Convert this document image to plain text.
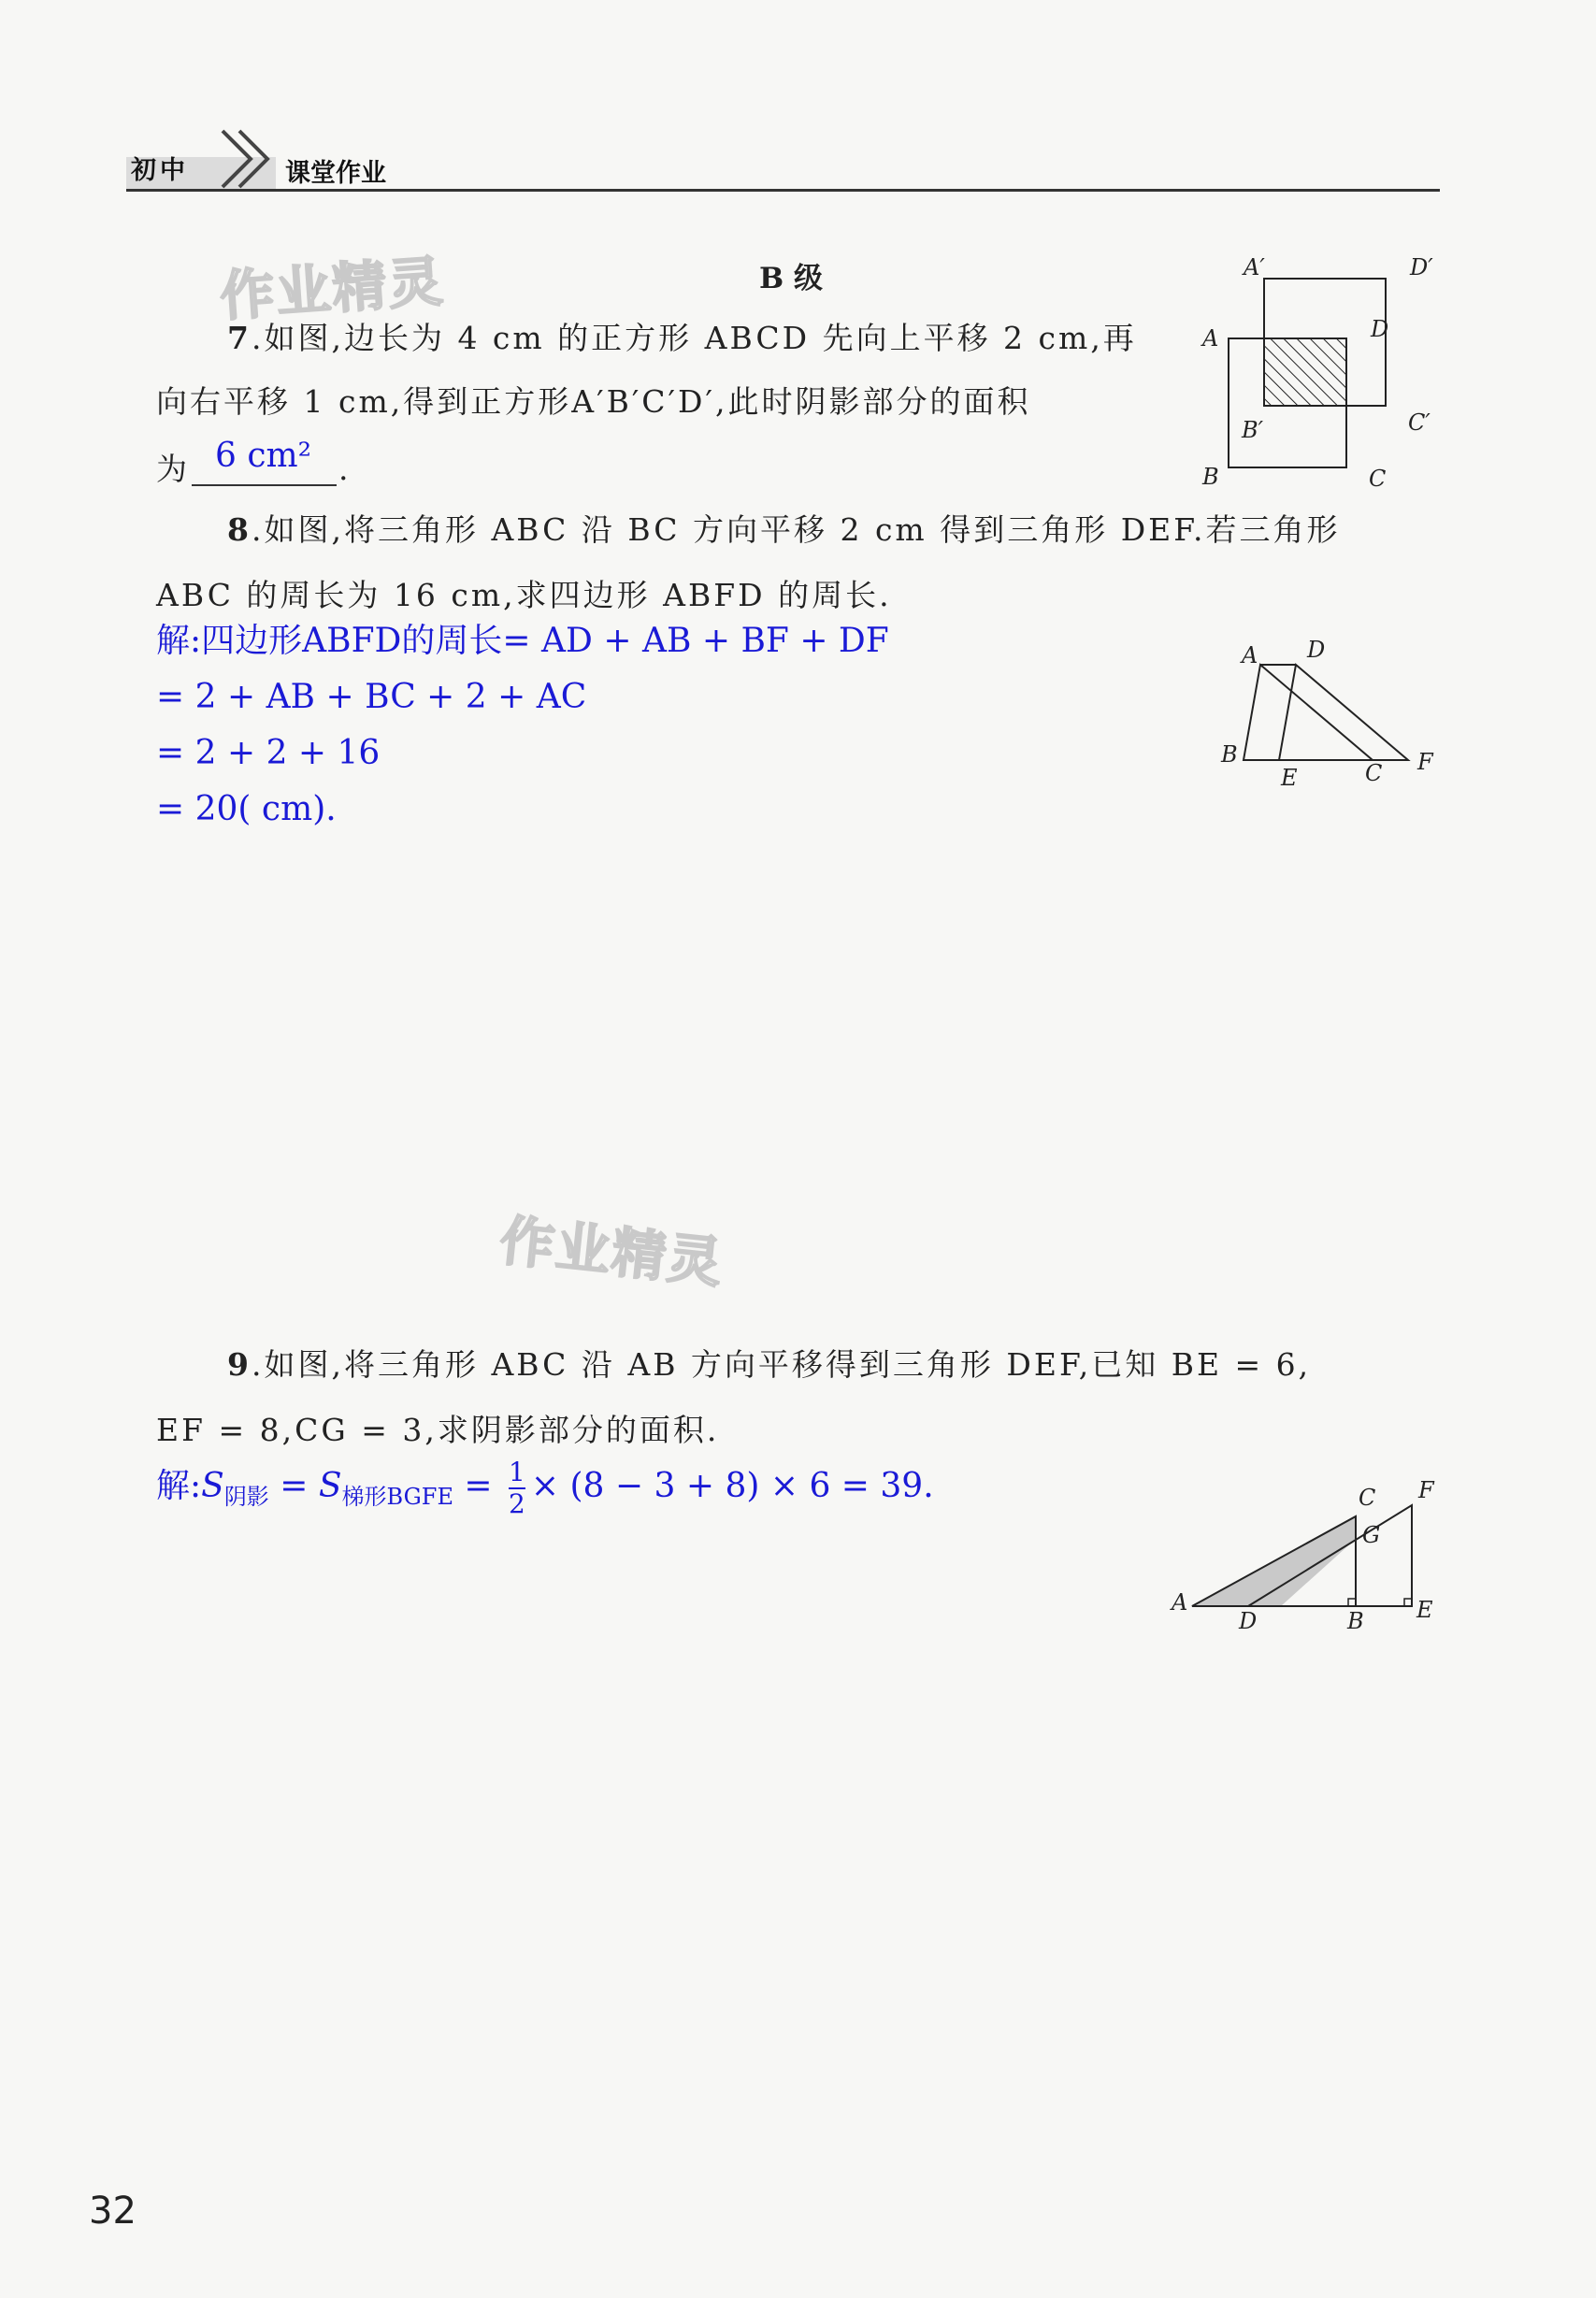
初中	课堂作业
作业精灵
作业精灵
B 级
7.如图,边长为 4 cm 的正方形 ABCD 先向上平移 2 cm,再
向右平移 1 cm,得到正方形A′B′C′D′,此时阴影部分的面积
为 6 cm² .
A′	D′
A	D
C′
B′
B	C
8.如图,将三角形 ABC 沿 BC 方向平移 2 cm 得到三角形 DEF.若三角形
ABC 的周长为 16 cm,求四边形 ABFD 的周长.
解:四边形ABFD的周长= AD + AB + BF + DF
= 2 + AB + BC + 2 + AC
= 2 + 2 + 16
= 20( cm).
A D
B
E	C F
9.如图,将三角形 ABC 沿 AB 方向平移得到三角形 DEF,已知 BE = 6,
EF = 8,CG = 3,求阴影部分的面积.
解$:S_{阴影} = S_{梯形BGFE} = \frac{1}{2} \times (8 - 3 + 8) \times 6 = 39$.	C F
G
A
D	B E
32
